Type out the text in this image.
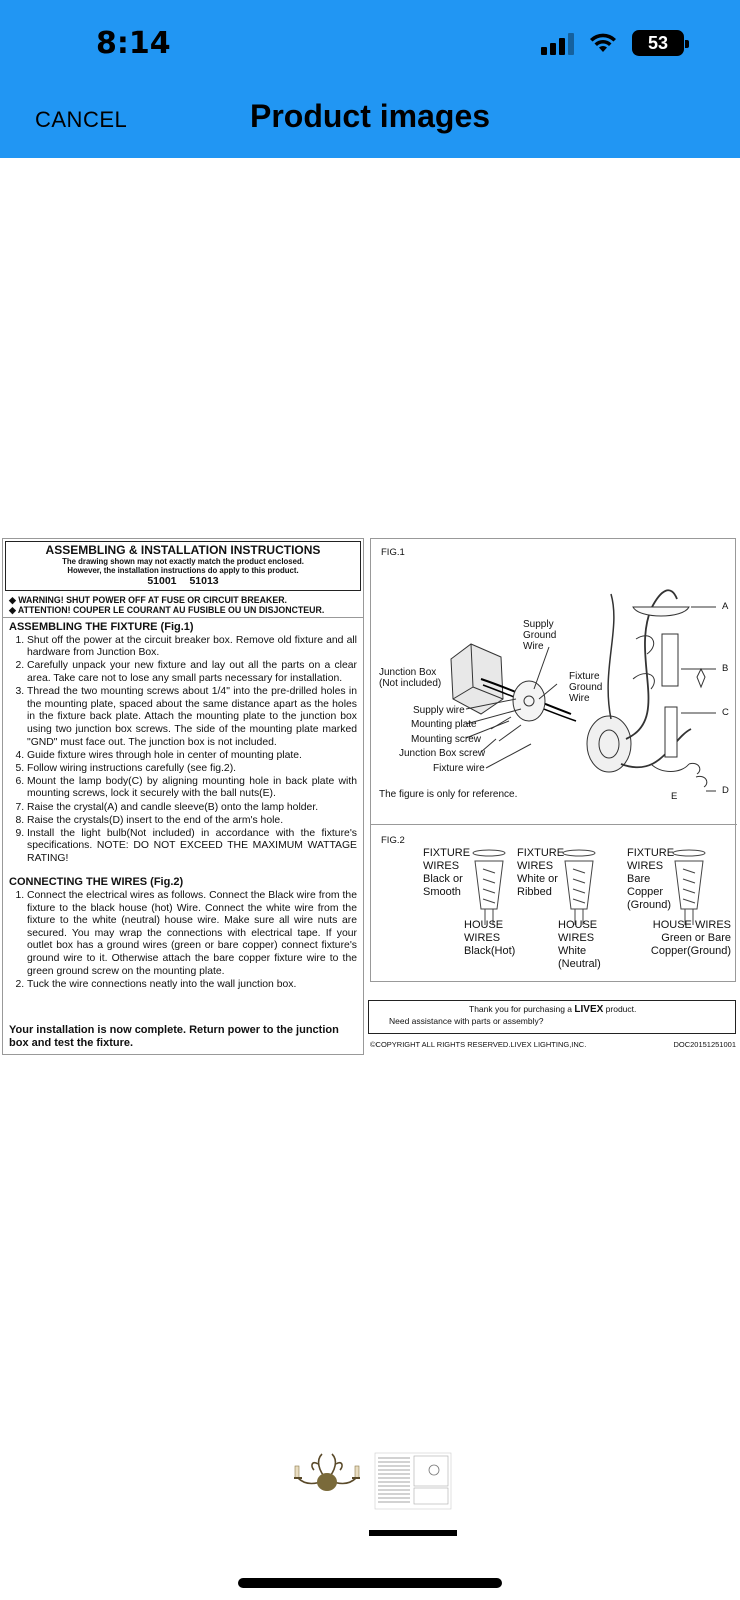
8:14	53
CANCEL	Product images
ASSEMBLING & INSTALLATION INSTRUCTIONS
The drawing shown may not exactly match the product enclosed.
However, the installation instructions do apply to this product.
51001 51013
◆ WARNING! SHUT POWER OFF AT FUSE OR CIRCUIT BREAKER.
◆ ATTENTION! COUPER LE COURANT AU FUSIBLE OU UN DISJONCTEUR.
ASSEMBLING THE FIXTURE (Fig.1)
1. Shut off the power at the circuit breaker box. Remove old fixture and all hardware from Junction Box.
2. Carefully unpack your new fixture and lay out all the parts on a clear area. Take care not to lose any small parts necessary for installation.
3. Thread the two mounting screws about 1/4" into the pre-drilled holes in the mounting plate, spaced about the same distance apart as the holes in the fixture back plate. Attach the mounting plate to the junction box using two junction box screws. The side of the mounting plate marked "GND" must face out. The junction box is not included.
4. Guide fixture wires through hole in center of mounting plate.
5. Follow wiring instructions carefully (see fig.2).
6. Mount the lamp body(C) by aligning mounting hole in back plate with mounting screws, lock it securely with the ball nuts(E).
7. Raise the crystal(A) and candle sleeve(B) onto the lamp holder.
8. Raise the crystals(D) insert to the end of the arm's hole.
9. Install the light bulb(Not included) in accordance with the fixture's specifications. NOTE: DO NOT EXCEED THE MAXIMUM WATTAGE RATING!
CONNECTING THE WIRES (Fig.2)
1. Connect the electrical wires as follows. Connect the Black wire from the fixture to the black house (hot) Wire. Connect the white wire from the fixture to the white (neutral) house wire. Make sure all wire nuts are secured. You may wrap the connections with electrical tape. If your outlet box has a ground wires (green or bare copper) connect fixture's ground wire to it. Otherwise attach the bare copper fixture wire to the green ground screw on the mounting plate.
2. Tuck the wire connections neatly into the wall junction box.
Your installation is now complete. Return power to the junction box and test the fixture.
FIG.1
A
B
C
D
E
Supply Ground Wire
Junction Box (Not included)
Fixture Ground Wire
Supply wire
Mounting plate
Mounting screw
Junction Box screw
Fixture wire
The figure is only for reference.
FIG.2
FIXTURE WIRES Black or Smooth
FIXTURE WIRES White or Ribbed
FIXTURE WIRES Bare Copper (Ground)
HOUSE WIRES Black(Hot)
HOUSE WIRES White (Neutral)
HOUSE WIRES Green or Bare Copper(Ground)
Thank you for purchasing a LIVEX product.
Need assistance with parts or assembly?
©COPYRIGHT ALL RIGHTS RESERVED.LIVEX LIGHTING,INC.	DOC20151251001
